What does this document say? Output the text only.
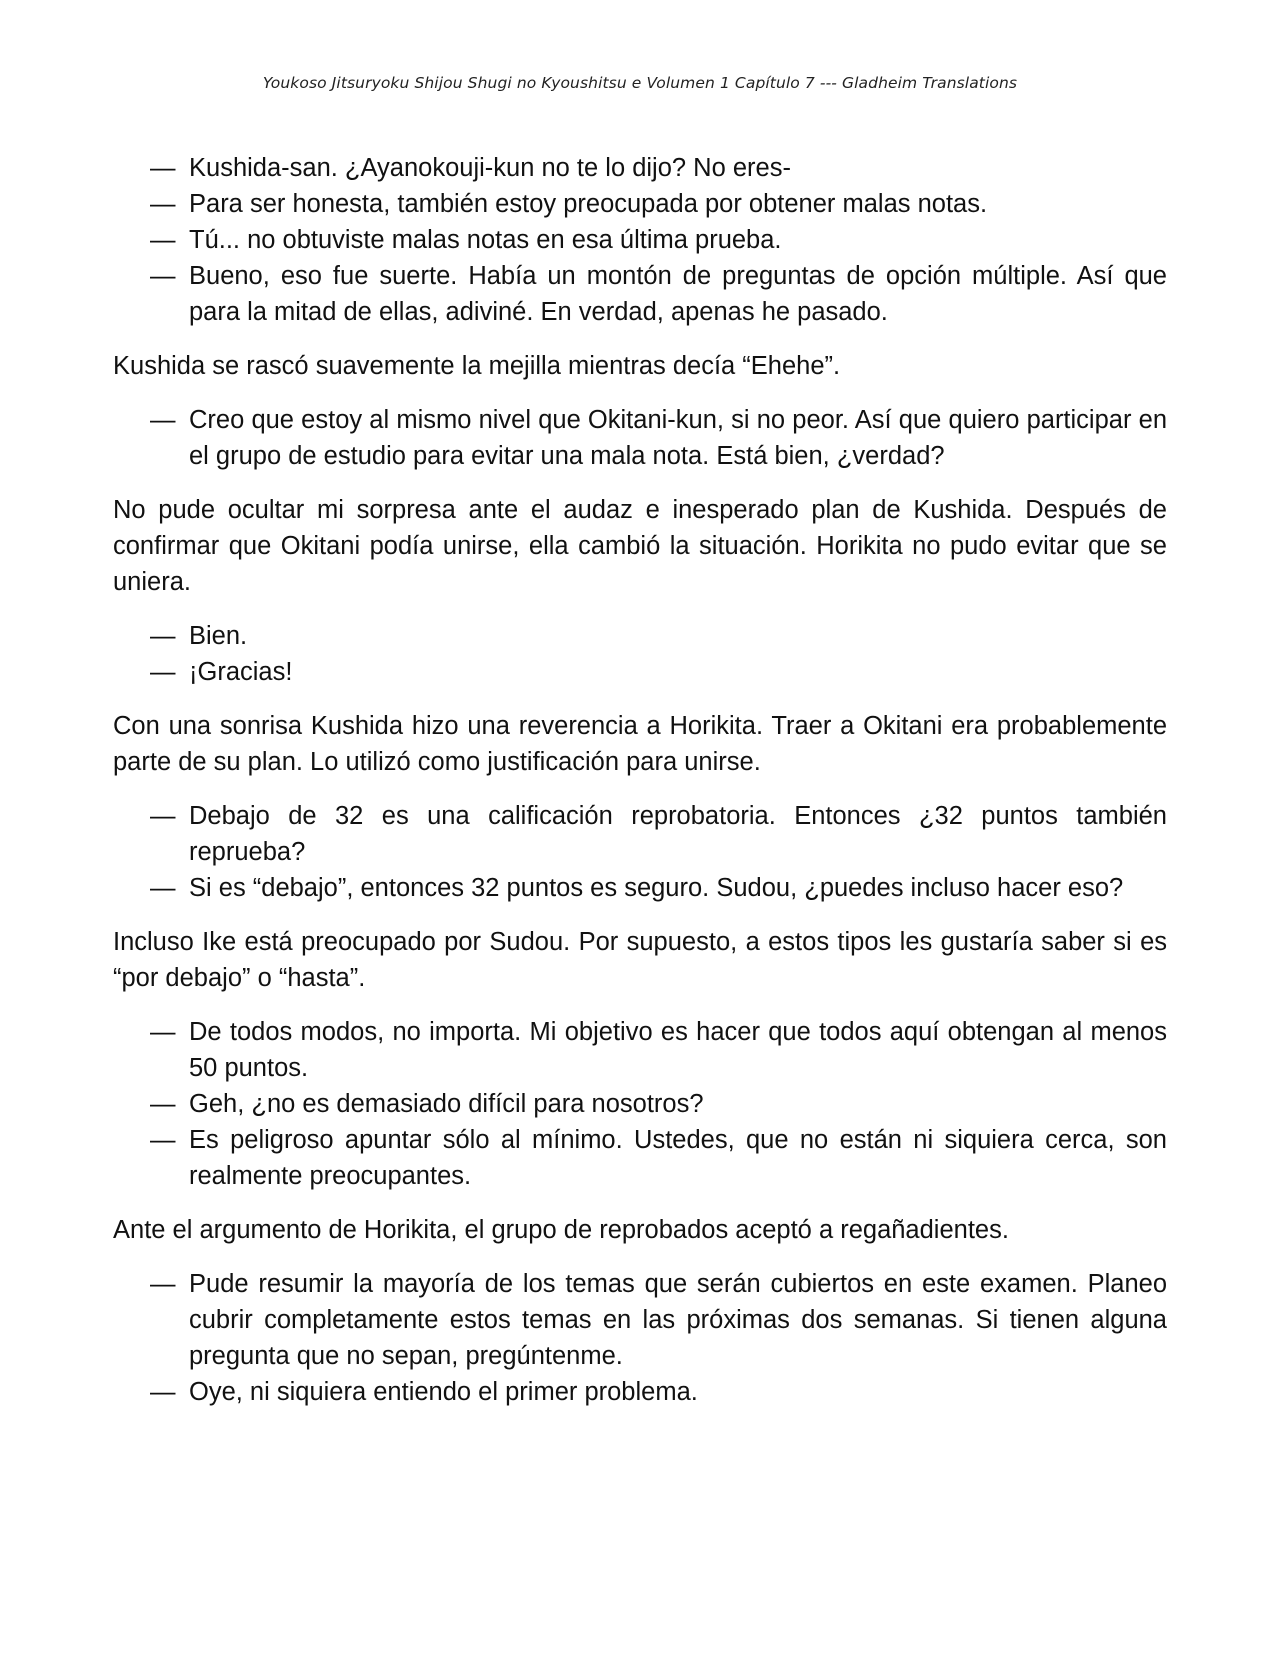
Youkoso Jitsuryoku Shijou Shugi no Kyoushitsu e Volumen 1 Capítulo 7 --- Gladheim Translations
— Kushida-san. ¿Ayanokouji-kun no te lo dijo? No eres-
— Para ser honesta, también estoy preocupada por obtener malas notas.
— Tú... no obtuviste malas notas en esa última prueba.
— Bueno, eso fue suerte. Había un montón de preguntas de opción múltiple. Así que para la mitad de ellas, adiviné. En verdad, apenas he pasado.

Kushida se rascó suavemente la mejilla mientras decía “Ehehe”.

— Creo que estoy al mismo nivel que Okitani-kun, si no peor. Así que quiero participar en el grupo de estudio para evitar una mala nota. Está bien, ¿verdad?

No pude ocultar mi sorpresa ante el audaz e inesperado plan de Kushida. Después de confirmar que Okitani podía unirse, ella cambió la situación. Horikita no pudo evitar que se uniera.

— Bien.
— ¡Gracias!

Con una sonrisa Kushida hizo una reverencia a Horikita. Traer a Okitani era probablemente parte de su plan. Lo utilizó como justificación para unirse.

— Debajo de 32 es una calificación reprobatoria. Entonces ¿32 puntos también reprueba?
— Si es “debajo”, entonces 32 puntos es seguro. Sudou, ¿puedes incluso hacer eso?

Incluso Ike está preocupado por Sudou. Por supuesto, a estos tipos les gustaría saber si es “por debajo” o “hasta”.

— De todos modos, no importa. Mi objetivo es hacer que todos aquí obtengan al menos 50 puntos.
— Geh, ¿no es demasiado difícil para nosotros?
— Es peligroso apuntar sólo al mínimo. Ustedes, que no están ni siquiera cerca, son realmente preocupantes.

Ante el argumento de Horikita, el grupo de reprobados aceptó a regañadientes.

— Pude resumir la mayoría de los temas que serán cubiertos en este examen. Planeo cubrir completamente estos temas en las próximas dos semanas. Si tienen alguna pregunta que no sepan, pregúntenme.
— Oye, ni siquiera entiendo el primer problema.
